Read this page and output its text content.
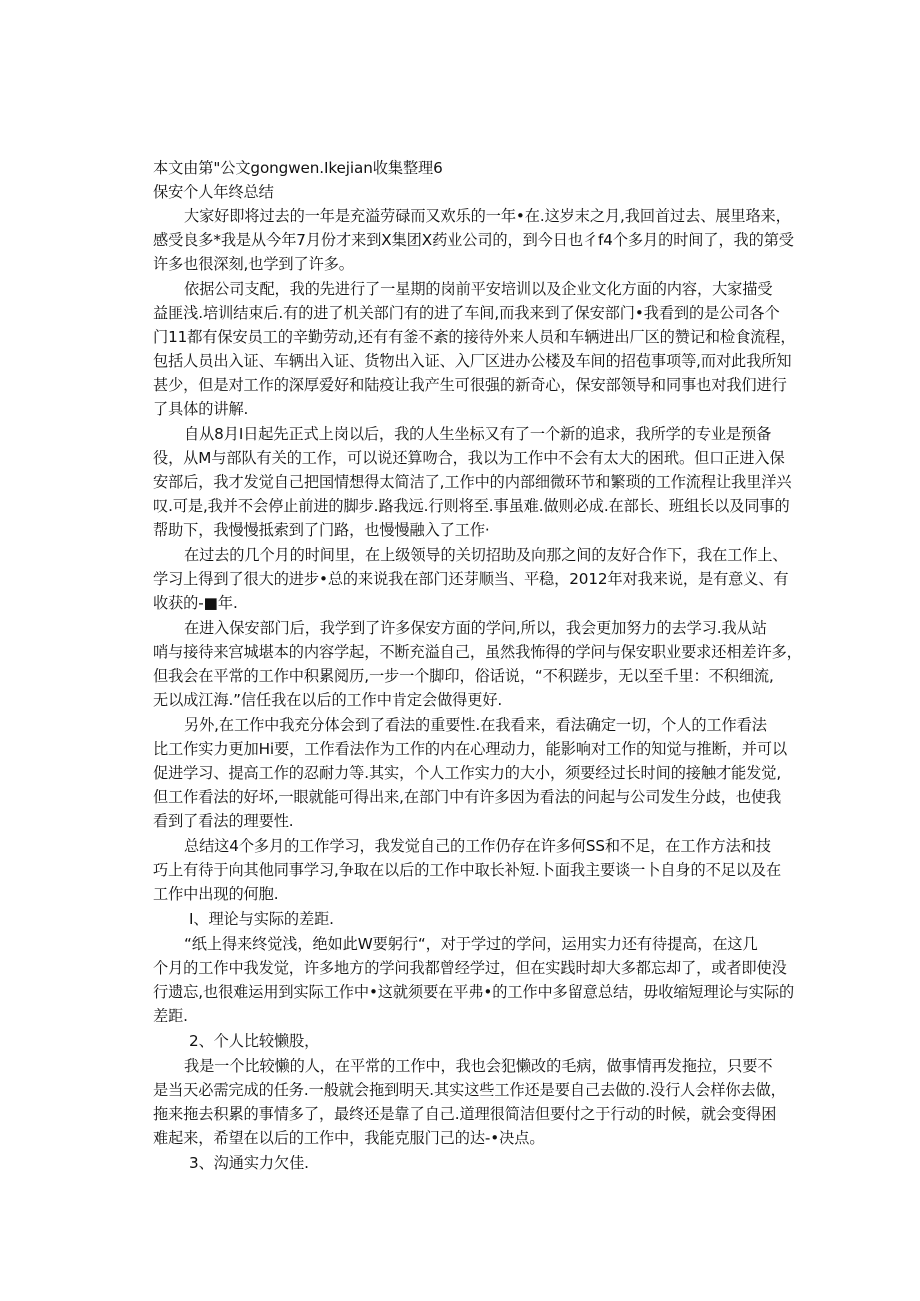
本文由第"公文gongwen.Ikejian收集整理6
保安个人年终总结
大家好即将过去的一年是充溢劳碌而又欢乐的一年•在.这岁末之月,我回首过去、展里珞来，
感受良多*我是从今年7月份才来到X集团X药业公司的，到今日也彳f4个多月的时间了，我的第受
许多也很深刻,也学到了许多。
依据公司支配，我的先进行了一星期的岗前平安培训以及企业文化方面的内容，大家描受
益匪浅.培训结束后.有的进了机关部门有的进了车间,而我来到了保安部门•我看到的是公司各个
门11都有保安员工的辛勤劳动,还有有釜不紊的接待外来人员和车辆进出厂区的赞记和检食流程，
包括人员出入证、车辆出入证、货物出入证、入厂区进办公楼及车间的招苞事项等,而对此我所知
甚少，但是对工作的深厚爱好和陆疫让我产生可很强的新奇心，保安部领导和同事也对我们进行
了具体的讲解.
自从8月I日起先正式上岗以后，我的人生坐标又有了一个新的追求，我所学的专业是预备
役，从M与部队有关的工作，可以说还算吻合，我以为工作中不会有太大的困玳。但口正进入保
安部后，我才发觉自己把国情想得太简洁了,工作中的内部细微环节和繁琐的工作流程让我里洋兴
叹.可是,我并不会停止前进的脚步.路我远.行则将至.事虽难.做则必成.在部长、班组长以及同事的
帮助下，我慢慢抵索到了门路，也慢慢融入了工作·
在过去的几个月的时间里，在上级领导的关切招助及向那之间的友好合作下，我在工作上、
学习上得到了很大的进步•总的来说我在部门还芽顺当、平稳，2012年对我来说，是有意义、有
收获的-■年.
在进入保安部门后，我学到了许多保安方面的学问,所以，我会更加努力的去学习.我从站
哨与接待来宫城堪本的内容学起，不断充溢自己，虽然我怖得的学问与保安职业要求还相差许多，
但我会在平常的工作中积累阅历,一步一个脚印，俗话说，“不积蹉步，无以至千里：不积细流,
无以成江海.”信任我在以后的工作中肯定会做得更好.
另外,在工作中我充分体会到了看法的重要性.在我看来，看法确定一切，个人的工作看法
比工作实力更加Hi要，工作看法作为工作的内在心理动力，能影响对工作的知觉与推断，并可以
促进学习、提高工作的忍耐力等.其实，个人工作实力的大小，须要经过长时间的接触才能发觉,
但工作看法的好坏,一眼就能可得出来,在部门中有许多因为看法的问起与公司发生分歧，也使我
看到了看法的理要性.
总结这4个多月的工作学习，我发觉自己的工作仍存在许多何SS和不足，在工作方法和技
巧上有待于向其他同事学习,争取在以后的工作中取长补短.卜面我主要谈一卜自身的不足以及在
工作中出现的何胞.
I、理论与实际的差距.
“纸上得来终觉浅，绝如此W要躬行“，对于学过的学问，运用实力还有待提高，在这几
个月的工作中我发觉，许多地方的学问我都曾经学过，但在实践时却大多都忘却了，或者即使没
行遗忘,也很难运用到实际工作中•这就须要在平弗•的工作中多留意总结，毋收缩短理论与实际的
差距.
2、个人比较懒股，
我是一个比较懒的人，在平常的工作中，我也会犯懒改的毛病，做事情再发拖拉，只要不
是当天必需完成的任务.一般就会拖到明天.其实这些工作还是要自己去做的.没行人会样你去做，
拖来拖去积累的事情多了，最终还是靠了自己.道理很简洁但要付之于行动的时候，就会变得困
难起来，希望在以后的工作中，我能克服门己的达-•决点。
3、沟通实力欠佳.
